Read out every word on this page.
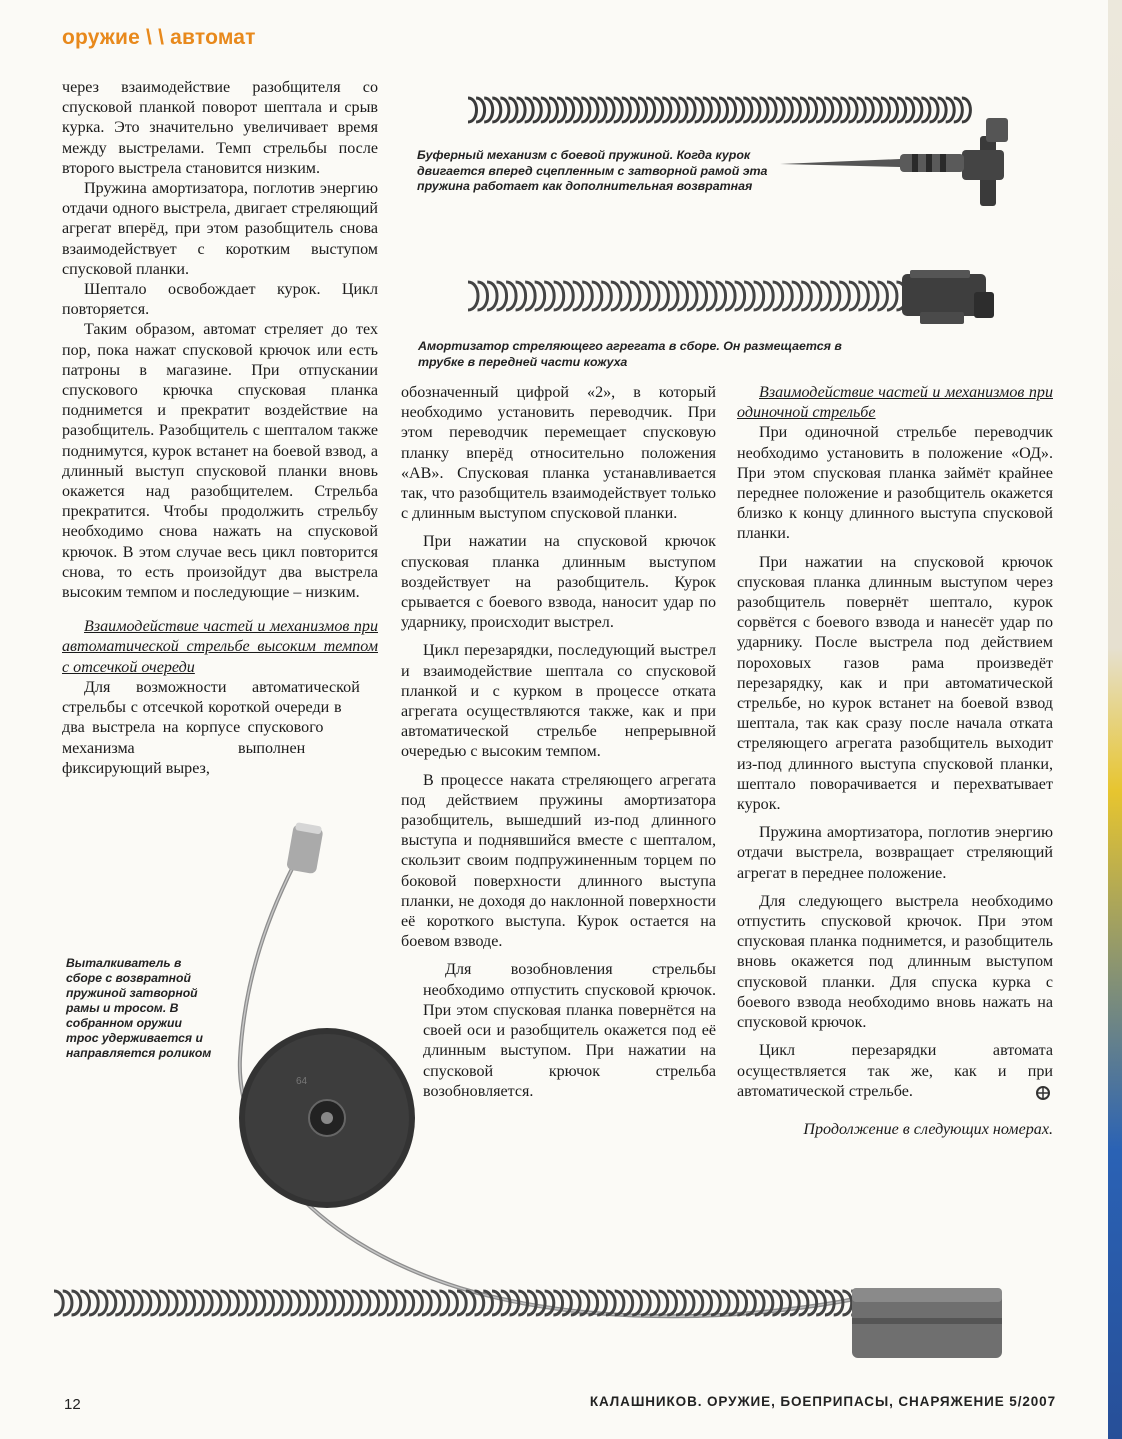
оружие \ \ автомат
Буферный механизм с боевой пружиной. Когда курок двигается вперед сцепленным с затворной рамой эта пружина работает как дополнительная возвратная
Амортизатор стреляющего агрегата в сборе. Он размещается в трубке в передней части кожуха
64
Выталкиватель в сборе с возвратной пружиной затворной рамы и тросом. В собранном оружии трос удерживается и направляется роликом

через взаимодействие разобщителя со спусковой планкой поворот шептала и срыв курка. Это значительно увеличивает время между выстрелами. Темп стрельбы после второго выстрела становится низким.

Пружина амортизатора, поглотив энергию отдачи одного выстрела, двигает стреляющий агрегат вперёд, при этом разобщитель снова взаимодействует с коротким выступом спусковой планки.

Шептало освобождает курок. Цикл повторяется.

Таким образом, автомат стреляет до тех пор, пока нажат спусковой крючок или есть патроны в магазине. При отпускании спускового крючка спусковая планка поднимется и прекратит воздействие на разобщитель. Разобщитель с шепталом также поднимутся, курок встанет на боевой взвод, а длинный выступ спусковой планки вновь окажется над разобщителем. Стрельба прекратится. Чтобы продолжить стрельбу необходимо снова нажать на спусковой крючок. В этом случае весь цикл повторится снова, то есть произойдут два выстрела высоким темпом и последующие – низким.

Взаимодействие частей и механизмов при автоматической стрельбе высоким темпом с отсечкой очереди

Для возможности автоматической стрельбы с отсечкой короткой очереди в два выстрела на корпусе спускового механизма выполнен фиксирующий вырез,

обозначенный цифрой «2», в который необходимо установить переводчик. При этом переводчик перемещает спусковую планку вперёд относительно положения «АВ». Спусковая планка устанавливается так, что разобщитель взаимодействует только с длинным выступом спусковой планки.

При нажатии на спусковой крючок спусковая планка длинным выступом воздействует на разобщитель. Курок срывается с боевого взвода, наносит удар по ударнику, происходит выстрел.

Цикл перезарядки, последующий выстрел и взаимодействие шептала со спусковой планкой и с курком в процессе отката агрегата осуществляются также, как и при автоматической стрельбе непрерывной очередью с высоким темпом.

В процессе наката стреляющего агрегата под действием пружины амортизатора разобщитель, вышедший из-под длинного выступа и поднявшийся вместе с шепталом, скользит своим подпружиненным торцем по боковой поверхности длинного выступа планки, не доходя до наклонной поверхности её короткого выступа. Курок остается на боевом взводе.

Для возобновления стрельбы необходимо отпустить спусковой крючок. При этом спусковая планка повернётся на своей оси и разобщитель окажется под её длинным выступом. При нажатии на спусковой крючок стрельба возобновляется.

Взаимодействие частей и механизмов при одиночной стрельбе

При одиночной стрельбе переводчик необходимо установить в положение «ОД». При этом спусковая планка займёт крайнее переднее положение и разобщитель окажется близко к концу длинного выступа спусковой планки.

При нажатии на спусковой крючок спусковая планка длинным выступом через разобщитель повернёт шептало, курок сорвётся с боевого взвода и нанесёт удар по ударнику. После выстрела под действием пороховых газов рама произведёт перезарядку, как и при автоматической стрельбе, но курок встанет на боевой взвод шептала, так как сразу после начала отката стреляющего агрегата разобщитель выходит из-под длинного выступа спусковой планки, шептало поворачивается и перехватывает курок.

Пружина амортизатора, поглотив энергию отдачи выстрела, возвращает стреляющий агрегат в переднее положение.

Для следующего выстрела необходимо отпустить спусковой крючок. При этом спусковая планка поднимется, и разобщитель вновь окажется под длинным выступом спусковой планки. Для спуска курка с боевого взвода необходимо вновь нажать на спусковой крючок.

Цикл перезарядки автомата осуществляется так же, как и при автоматической стрельбе.

Продолжение в следующих номерах.

12	КАЛАШНИКОВ. ОРУЖИЕ, БОЕПРИПАСЫ, СНАРЯЖЕНИЕ 5/2007
